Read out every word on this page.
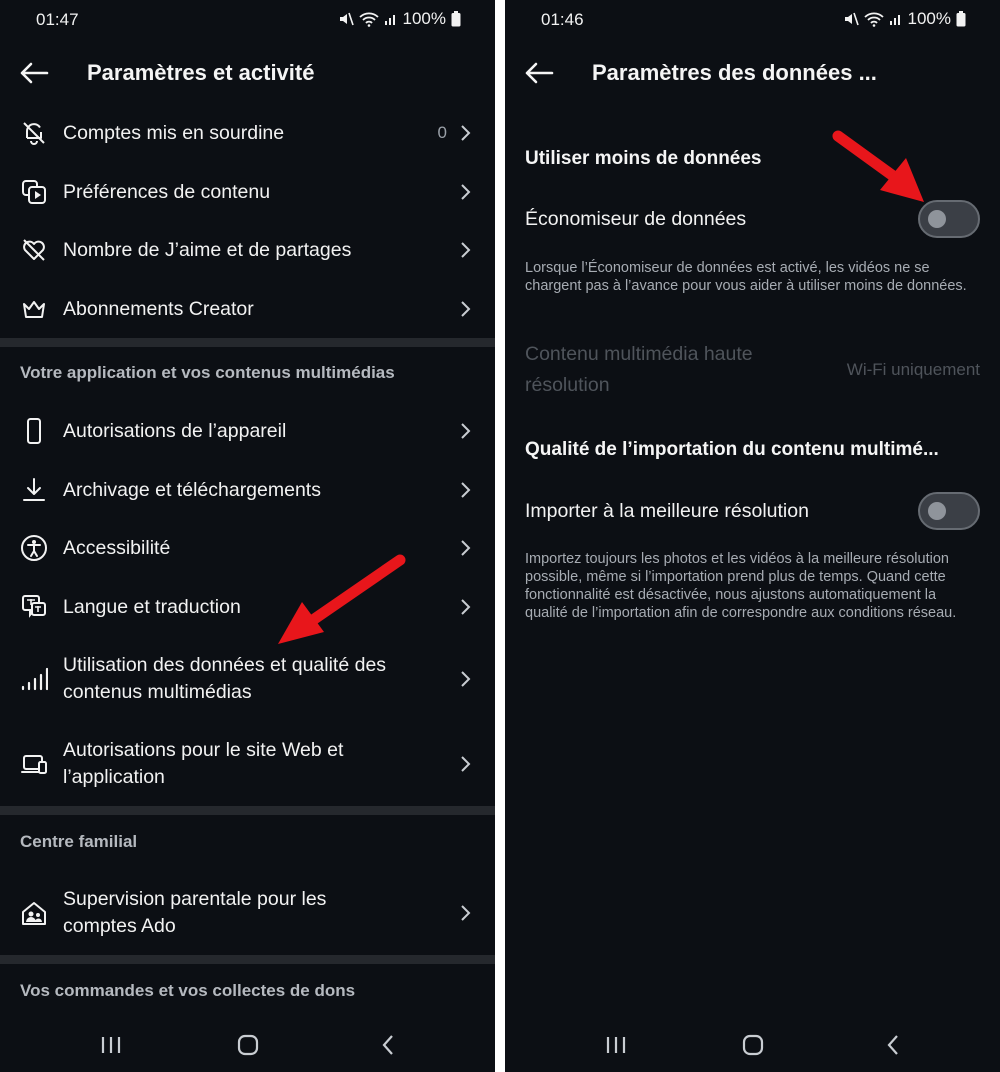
01:47	100%
Paramètres et activité
Comptes mis en sourdine	0
Préférences de contenu
Nombre de J’aime et de partages
Abonnements Creator
Votre application et vos contenus multimédias
Autorisations de l’appareil
Archivage et téléchargements
Accessibilité
Langue et traduction
Utilisation des données et qualité des
contenus multimédias
Autorisations pour le site Web et
l’application
Centre familial
Supervision parentale pour les
comptes Ado
Vos commandes et vos collectes de dons
01:46	100%
Paramètres des données ...
Utiliser moins de données
Économiseur de données
Lorsque l’Économiseur de données est activé, les vidéos ne se chargent pas à l’avance pour vous aider à utiliser moins de données.
Contenu multimédia haute
résolution
Wi-Fi uniquement
Qualité de l’importation du contenu multimé...
Importer à la meilleure résolution
Importez toujours les photos et les vidéos à la meilleure résolution possible, même si l’importation prend plus de temps. Quand cette fonctionnalité est désactivée, nous ajustons automatiquement la qualité de l’importation afin de correspondre aux conditions réseau.
